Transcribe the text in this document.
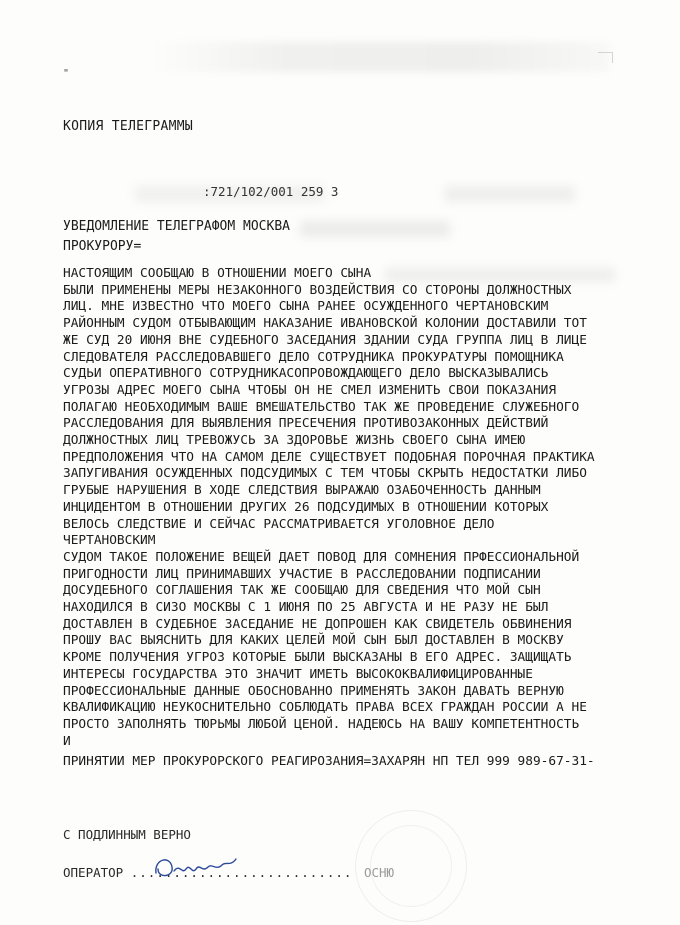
"
КОПИЯ ТЕЛЕГРАММЫ
:721/102/001 259 3
УВЕДОМЛЕНИЕ ТЕЛЕГРАФОМ МОСКВА
ПРОКУРОРУ=
НАСТОЯЩИМ СООБЩАЮ В ОТНОШЕНИИ МОЕГО СЫНА
БЫЛИ ПРИМЕНЕНЫ МЕРЫ НЕЗАКОННОГО ВОЗДЕЙСТВИЯ СО СТОРОНЫ ДОЛЖНОСТНЫХ
ЛИЦ. МНЕ ИЗВЕСТНО ЧТО МОЕГО СЫНА РАНЕЕ ОСУЖДЕННОГО ЧЕРТАНОВСКИМ
РАЙОННЫМ СУДОМ ОТБЫВАЮЩИМ НАКАЗАНИЕ ИВАНОВСКОЙ КОЛОНИИ ДОСТАВИЛИ ТОТ
ЖЕ СУД 20 ИЮНЯ ВНЕ СУДЕБНОГО ЗАСЕДАНИЯ ЗДАНИИ СУДА ГРУППА ЛИЦ В ЛИЦЕ
СЛЕДОВАТЕЛЯ РАССЛЕДОВАВШЕГО ДЕЛО СОТРУДНИКА ПРОКУРАТУРЫ ПОМОЩНИКА
СУДЬИ ОПЕРАТИВНОГО СОТРУДНИКАСОПРОВОЖДАЮЩЕГО ДЕЛО ВЫСКАЗЫВАЛИСЬ
УГРОЗЫ АДРЕС МОЕГО СЫНА ЧТОБЫ ОН НЕ СМЕЛ ИЗМЕНИТЬ СВОИ ПОКАЗАНИЯ
ПОЛАГАЮ НЕОБХОДИМЫМ ВАШЕ ВМЕШАТЕЛЬСТВО ТАК ЖЕ ПРОВЕДЕНИЕ СЛУЖЕБНОГО
РАССЛЕДОВАНИЯ ДЛЯ ВЫЯВЛЕНИЯ ПРЕСЕЧЕНИЯ ПРОТИВОЗАКОННЫХ ДЕЙСТВИЙ
ДОЛЖНОСТНЫХ ЛИЦ ТРЕВОЖУСЬ ЗА ЗДОРОВЬЕ ЖИЗНЬ СВОЕГО СЫНА ИМЕЮ
ПРЕДПОЛОЖЕНИЯ ЧТО НА САМОМ ДЕЛЕ СУЩЕСТВУЕТ ПОДОБНАЯ ПОРОЧНАЯ ПРАКТИКА
ЗАПУГИВАНИЯ ОСУЖДЕННЫХ ПОДСУДИМЫХ С ТЕМ ЧТОБЫ СКРЫТЬ НЕДОСТАТКИ ЛИБО
ГРУБЫЕ НАРУШЕНИЯ В ХОДЕ СЛЕДСТВИЯ ВЫРАЖАЮ ОЗАБОЧЕННОСТЬ ДАННЫМ
ИНЦИДЕНТОМ В ОТНОШЕНИИ ДРУГИХ 26 ПОДСУДИМЫХ В ОТНОШЕНИИ КОТОРЫХ
ВЕЛОСЬ СЛЕДСТВИЕ И СЕЙЧАС РАССМАТРИВАЕТСЯ УГОЛОВНОЕ ДЕЛО
ЧЕРТАНОВСКИМ
СУДОМ ТАКОЕ ПОЛОЖЕНИЕ ВЕЩЕЙ ДАЕТ ПОВОД ДЛЯ СОМНЕНИЯ ПРФЕССИОНАЛЬНОЙ
ПРИГОДНОСТИ ЛИЦ ПРИНИМАВШИХ УЧАСТИЕ В РАССЛЕДОВАНИИ ПОДПИСАНИИ
ДОСУДЕБНОГО СОГЛАШЕНИЯ ТАК ЖЕ СООБЩАЮ ДЛЯ СВЕДЕНИЯ ЧТО МОЙ СЫН
НАХОДИЛСЯ В СИЗО МОСКВЫ С 1 ИЮНЯ ПО 25 АВГУСТА И НЕ РАЗУ НЕ БЫЛ
ДОСТАВЛЕН В СУДЕБНОЕ ЗАСЕДАНИЕ НЕ ДОПРОШЕН КАК СВИДЕТЕЛЬ ОБВИНЕНИЯ
ПРОШУ ВАС ВЫЯСНИТЬ ДЛЯ КАКИХ ЦЕЛЕЙ МОЙ СЫН БЫЛ ДОСТАВЛЕН В МОСКВУ
КРОМЕ ПОЛУЧЕНИЯ УГРОЗ КОТОРЫЕ БЫЛИ ВЫСКАЗАНЫ В ЕГО АДРЕС. ЗАЩИЩАТЬ
ИНТЕРЕСЫ ГОСУДАРСТВА ЭТО ЗНАЧИТ ИМЕТЬ ВЫСОКОКВАЛИФИЦИРОВАННЫЕ
ПРОФЕССИОНАЛЬНЫЕ ДАННЫЕ ОБОСНОВАННО ПРИМЕНЯТЬ ЗАКОН ДАВАТЬ ВЕРНУЮ
КВАЛИФИКАЦИЮ НЕУКОСНИТЕЛЬНО СОБЛЮДАТЬ ПРАВА ВСЕХ ГРАЖДАН РОССИИ А НЕ
ПРОСТО ЗАПОЛНЯТЬ ТЮРЬМЫ ЛЮБОЙ ЦЕНОЙ. НАДЕЮСЬ НА ВАШУ КОМПЕТЕНТНОСТЬ
И
ПРИНЯТИИ МЕР ПРОКУРОРСКОГО РЕАГИРОЗАНИЯ=ЗАХАРЯН НП ТЕЛ 999 989-67-31-
С ПОДЛИННЫМ ВЕРНО
ОПЕРАТОР .......................... ОСНЮ
